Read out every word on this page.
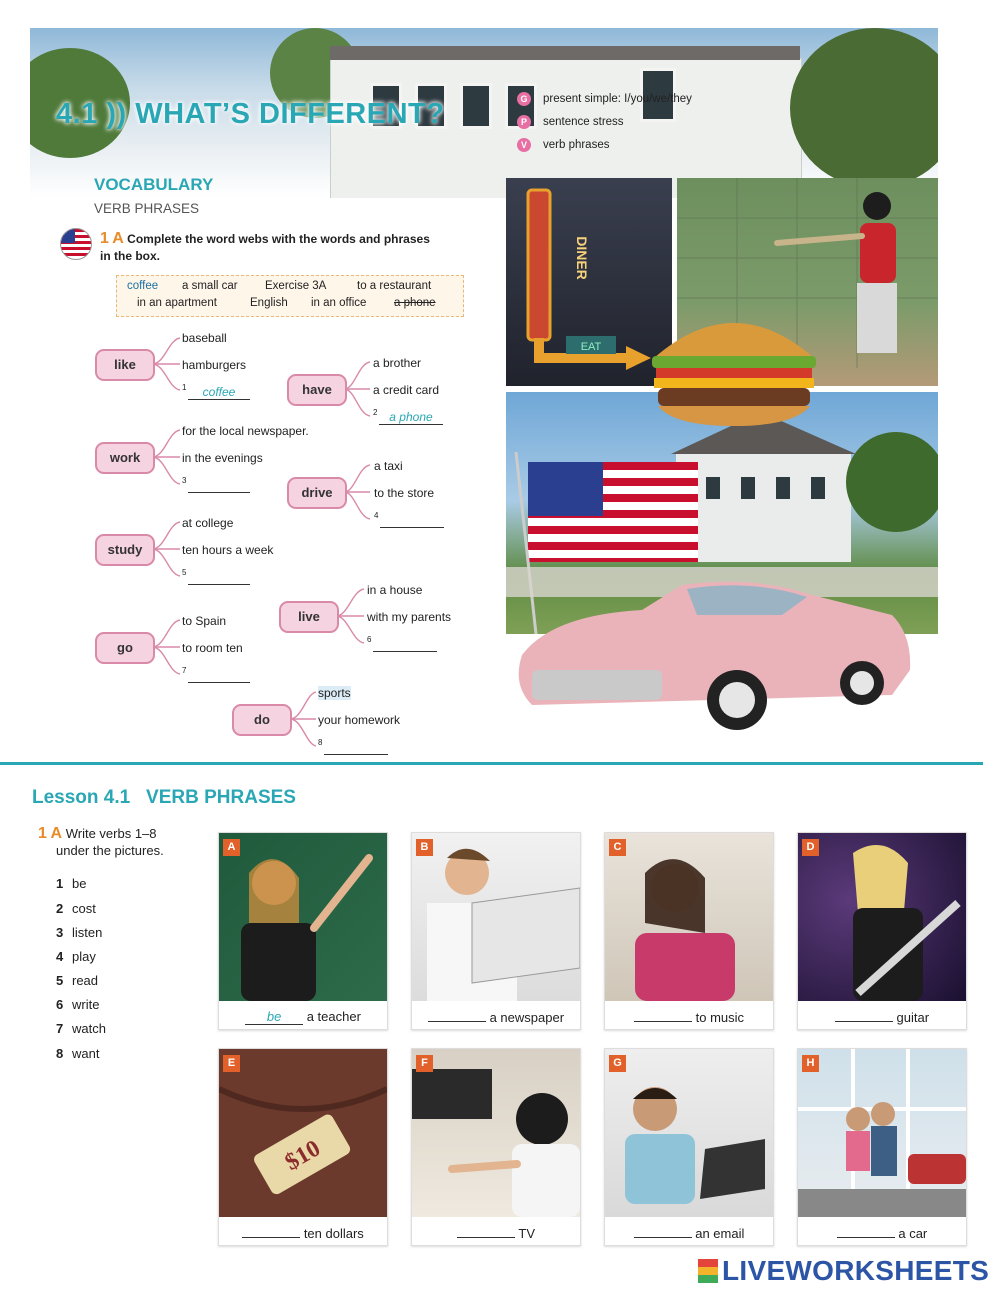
4.1 )) WHAT’S DIFFERENT?	G	present simple: I/you/we/they
P	sentence stress
V	verb phrases
VOCABULARY
VERB PHRASES
1 A Complete the word webs with the words and phrases in the box.
coffee a small car Exercise 3A	to a restaurant
in an apartment	English in an office a phone
like
baseball
hamburgers
1	coffee	have
a brother
a credit card
2 a phone
work
for the local newspaper.
in the evenings
3
drive
a taxi
to the store
4
study
at college
ten hours a week
5
live
in a house
with my parents
6
go
to Spain
to room ten
7
do
sports
your homework
8
DINER
EAT
Lesson 4.1   VERB PHRASES
1 A Write verbs 1–8
under the pictures.
1 be
2 cost
3 listen
4 play
5 read
6 write
7 watch
8 want
A
be a teacher
B
a newspaper
C
to music
D
guitar
$10
E
ten dollars
F
TV
G
an email
H
a car
LIVEWORKSHEETS
